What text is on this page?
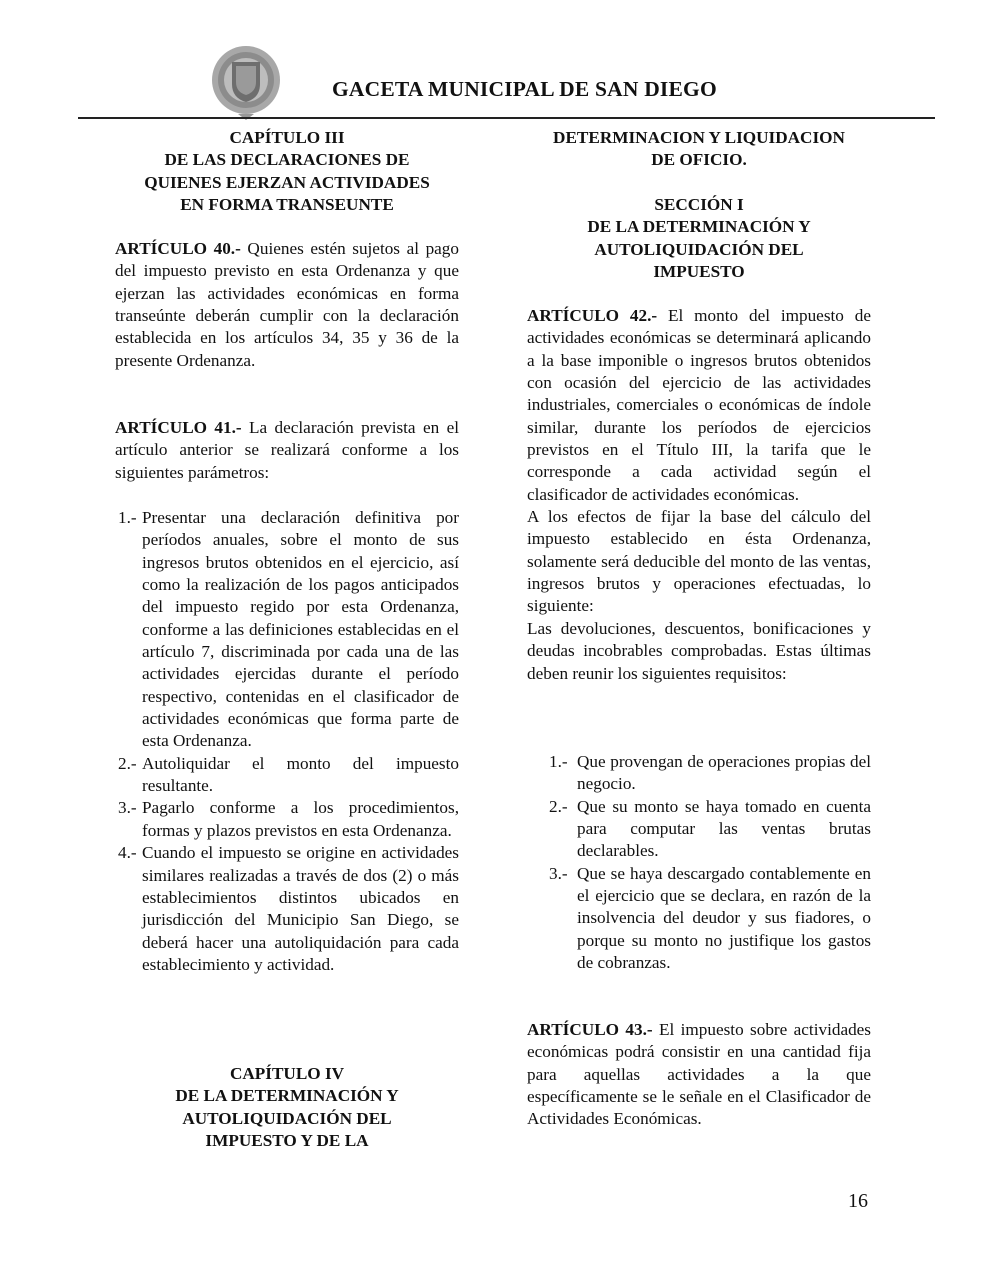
GACETA MUNICIPAL DE SAN DIEGO
CAPÍTULO III
DE LAS DECLARACIONES DE
QUIENES EJERZAN ACTIVIDADES
EN FORMA TRANSEUNTE

ARTÍCULO 40.- Quienes estén sujetos al pago del impuesto previsto en esta Ordenanza y que ejerzan las actividades económicas en forma transeúnte deberán cumplir con la declaración establecida en los artículos 34, 35 y 36 de la presente Ordenanza.

ARTÍCULO 41.- La declaración prevista en el artículo anterior se realizará conforme a los siguientes parámetros:

1.- Presentar una declaración definitiva por períodos anuales, sobre el monto de sus ingresos brutos obtenidos en el ejercicio, así como la realización de los pagos anticipados del impuesto regido por esta Ordenanza, conforme a las definiciones establecidas en el artículo 7, discriminada por cada una de las actividades ejercidas durante el período respectivo, contenidas en el clasificador de actividades económicas que forma parte de esta Ordenanza.
2.- Autoliquidar el monto del impuesto resultante.
3.- Pagarlo conforme a los procedimientos, formas y plazos previstos en esta Ordenanza.
4.- Cuando el impuesto se origine en actividades similares realizadas a través de dos (2) o más establecimientos distintos ubicados en jurisdicción del Municipio San Diego, se deberá hacer una autoliquidación para cada establecimiento y actividad.
CAPÍTULO IV
DE LA DETERMINACIÓN Y
AUTOLIQUIDACIÓN DEL
IMPUESTO Y DE LA
DETERMINACION Y LIQUIDACION
DE OFICIO.
SECCIÓN I
DE LA DETERMINACIÓN Y
AUTOLIQUIDACIÓN DEL
IMPUESTO

ARTÍCULO 42.- El monto del impuesto de actividades económicas se determinará aplicando a la base imponible o ingresos brutos obtenidos con ocasión del ejercicio de las actividades industriales, comerciales o económicas de índole similar, durante los períodos de ejercicios previstos en el Título III, la tarifa que le corresponde a cada actividad según el clasificador de actividades económicas.

A los efectos de fijar la base del cálculo del impuesto establecido en ésta Ordenanza, solamente será deducible del monto de las ventas, ingresos brutos y operaciones efectuadas, lo siguiente:

Las devoluciones, descuentos, bonificaciones y deudas incobrables comprobadas. Estas últimas deben reunir los siguientes requisitos:

1.- Que provengan de operaciones propias del negocio.
2.- Que su monto se haya tomado en cuenta para computar las ventas brutas declarables.
3.- Que se haya descargado contablemente en el ejercicio que se declara, en razón de la insolvencia del deudor y sus fiadores, o porque su monto no justifique los gastos de cobranzas.

ARTÍCULO 43.- El impuesto sobre actividades económicas podrá consistir en una cantidad fija para aquellas actividades a la que específicamente se le señale en el Clasificador de Actividades Económicas.

16
